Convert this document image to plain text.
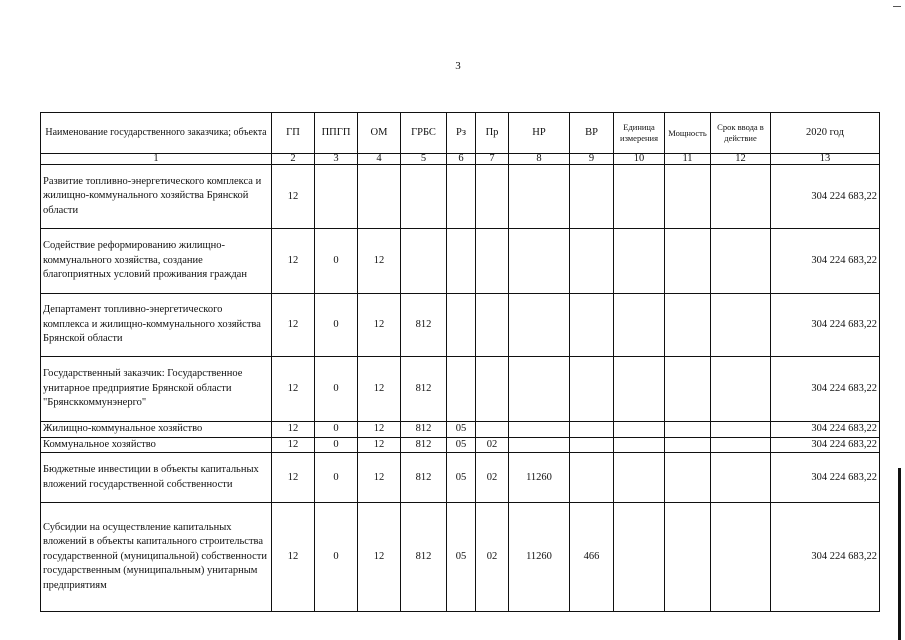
3
Наименование государственного заказчика; объекта	ГП	ППГП	ОМ	ГРБС	Рз	Пр	НР	ВР	Единица измерения	Мощность	Срок ввода в действие	2020 год
1	2	3	4	5	6	7	8	9	10	11	12	13
Развитие топливно-энергетического комплекса и жилищно-коммунального хозяйства Брянской области	12											304 224 683,22
Содействие реформированию жилищно-коммунального хозяйства, создание благоприятных условий проживания граждан	12	0	12									304 224 683,22
Департамент топливно-энергетического комплекса и жилищно-коммунального хозяйства Брянской области	12	0	12	812								304 224 683,22
Государственный заказчик: Государственное унитарное предприятие Брянской области "Брянсккоммунэнерго"	12	0	12	812								304 224 683,22
Жилищно-коммунальное хозяйство	12	0	12	812	05							304 224 683,22
Коммунальное хозяйство	12	0	12	812	05	02						304 224 683,22
Бюджетные инвестиции в объекты капитальных вложений государственной собственности	12	0	12	812	05	02	11260					304 224 683,22
Субсидии на осуществление капитальных вложений в объекты капитального строительства государственной (муниципальной) собственности государственным (муниципальным) унитарным предприятиям	12	0	12	812	05	02	11260	466				304 224 683,22
